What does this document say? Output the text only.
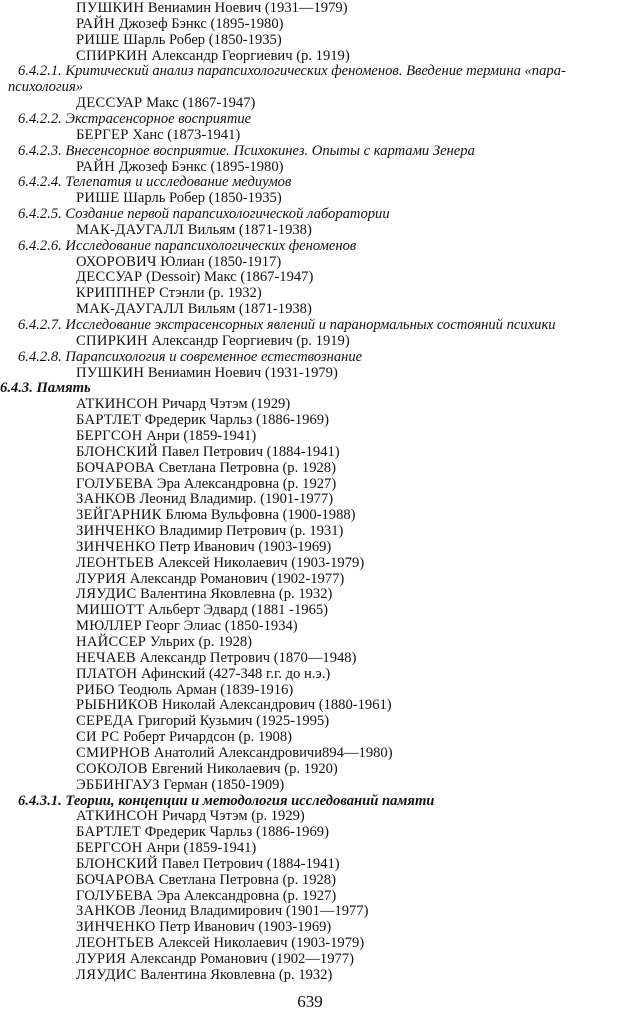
ПУШКИН Вениамин Ноевич (1931—1979)
РАЙН Джозеф Бэнкс (1895-1980)
РИШЕ Шарль Робер (1850-1935)
СПИРКИН Александр Георгиевич (р. 1919)
6.4.2.1. Критический анализ парапсихологических феноменов. Введение термина «пара-
психология»
ДЕССУАР Макс (1867-1947)
6.4.2.2. Экстрасенсорное восприятие
БЕРГЕР Ханс (1873-1941)
6.4.2.3. Внесенсорное восприятие. Психокинез. Опыты с картами Зенера
РАЙН Джозеф Бэнкс (1895-1980)
6.4.2.4. Телепатия и исследование медиумов
РИШЕ Шарль Робер (1850-1935)
6.4.2.5. Создание первой парапсихологической лаборатории
МАК-ДАУГАЛЛ Вильям (1871-1938)
6.4.2.6. Исследование парапсихологических феноменов
ОХОРОВИЧ Юлиан (1850-1917)
ДЕССУАР (Dessoir) Макс (1867-1947)
КРИППНЕР Стэнли (р. 1932)
МАК-ДАУГАЛЛ Вильям (1871-1938)
6.4.2.7. Исследование экстрасенсорных явлений и паранормальных состояний психики
СПИРКИН Александр Георгиевич (р. 1919)
6.4.2.8. Парапсихология и современное естествознание
ПУШКИН Вениамин Ноевич (1931-1979)
6.4.3. Память
АТКИНСОН Ричард Чэтэм (1929)
БАРТЛЕТ Фредерик Чарльз (1886-1969)
БЕРГСОН Анри (1859-1941)
БЛОНСКИЙ Павел Петрович (1884-1941)
БОЧАРОВА Светлана Петровна (р. 1928)
ГОЛУБЕВА Эра Александровна (р. 1927)
ЗАНКОВ Леонид Владимир. (1901-1977)
ЗЕЙГАРНИК Блюма Вульфовна (1900-1988)
ЗИНЧЕНКО Владимир Петрович (р. 1931)
ЗИНЧЕНКО Петр Иванович (1903-1969)
ЛЕОНТЬЕВ Алексей Николаевич (1903-1979)
ЛУРИЯ Александр Романович (1902-1977)
ЛЯУДИС Валентина Яковлевна (р. 1932)
МИШОТТ Альберт Эдвард (1881 -1965)
МЮЛЛЕР Георг Элиас (1850-1934)
НАЙССЕР Ульрих (р. 1928)
НЕЧАЕВ Александр Петрович (1870—1948)
ПЛАТОН Афинский (427-348 г.г. до н.э.)
РИБО Теодюль Арман (1839-1916)
РЫБНИКОВ Николай Александрович (1880-1961)
СЕРЕДА Григорий Кузьмич (1925-1995)
СИ РС Роберт Ричардсон (р. 1908)
СМИРНОВ Анатолий Александровичи894—1980)
СОКОЛОВ Евгений Николаевич (р. 1920)
ЭББИНГАУЗ Герман (1850-1909)
6.4.3.1. Теории, концепции и методология исследований памяти
АТКИНСОН Ричард Чэтэм (р. 1929)
БАРТЛЕТ Фредерик Чарльз (1886-1969)
БЕРГСОН Анри (1859-1941)
БЛОНСКИЙ Павел Петрович (1884-1941)
БОЧАРОВА Светлана Петровна (р. 1928)
ГОЛУБЕВА Эра Александровна (р. 1927)
ЗАНКОВ Леонид Владимирович (1901—1977)
ЗИНЧЕНКО Петр Иванович (1903-1969)
ЛЕОНТЬЕВ Алексей Николаевич (1903-1979)
ЛУРИЯ Александр Романович (1902—1977)
ЛЯУДИС Валентина Яковлевна (р. 1932)
639
